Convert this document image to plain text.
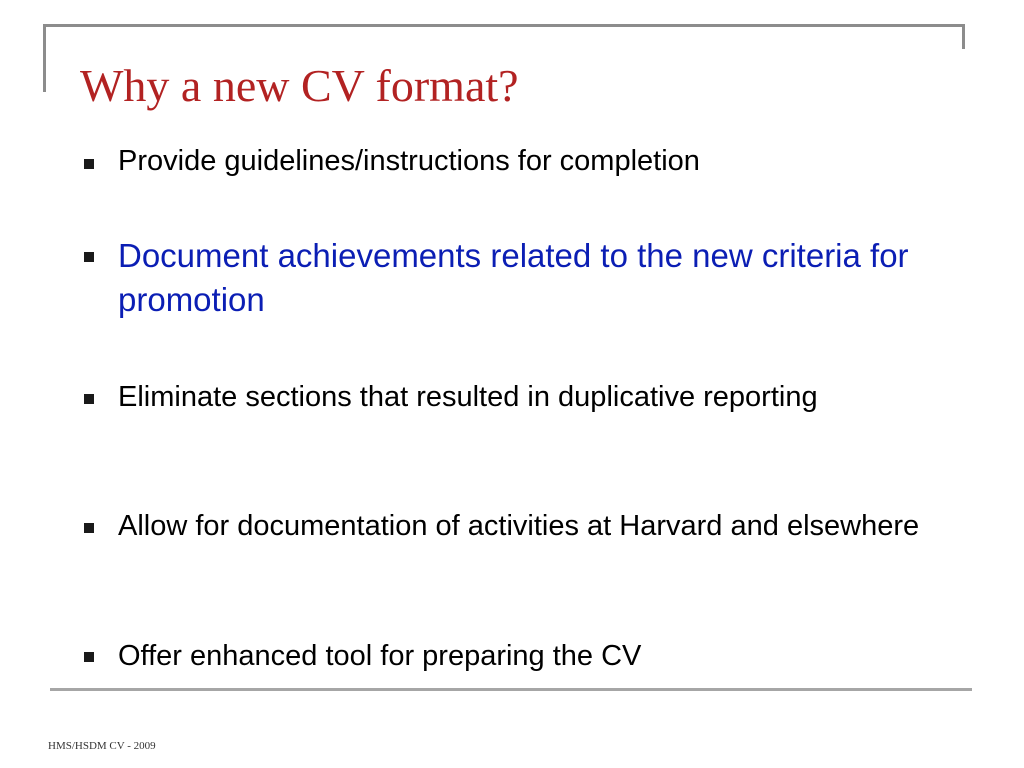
Why a new CV format?
Provide guidelines/instructions for completion
Document achievements related to the new criteria for promotion
Eliminate sections that resulted in duplicative reporting
Allow for documentation of activities at Harvard and elsewhere
Offer enhanced tool for preparing the CV
HMS/HSDM CV - 2009
